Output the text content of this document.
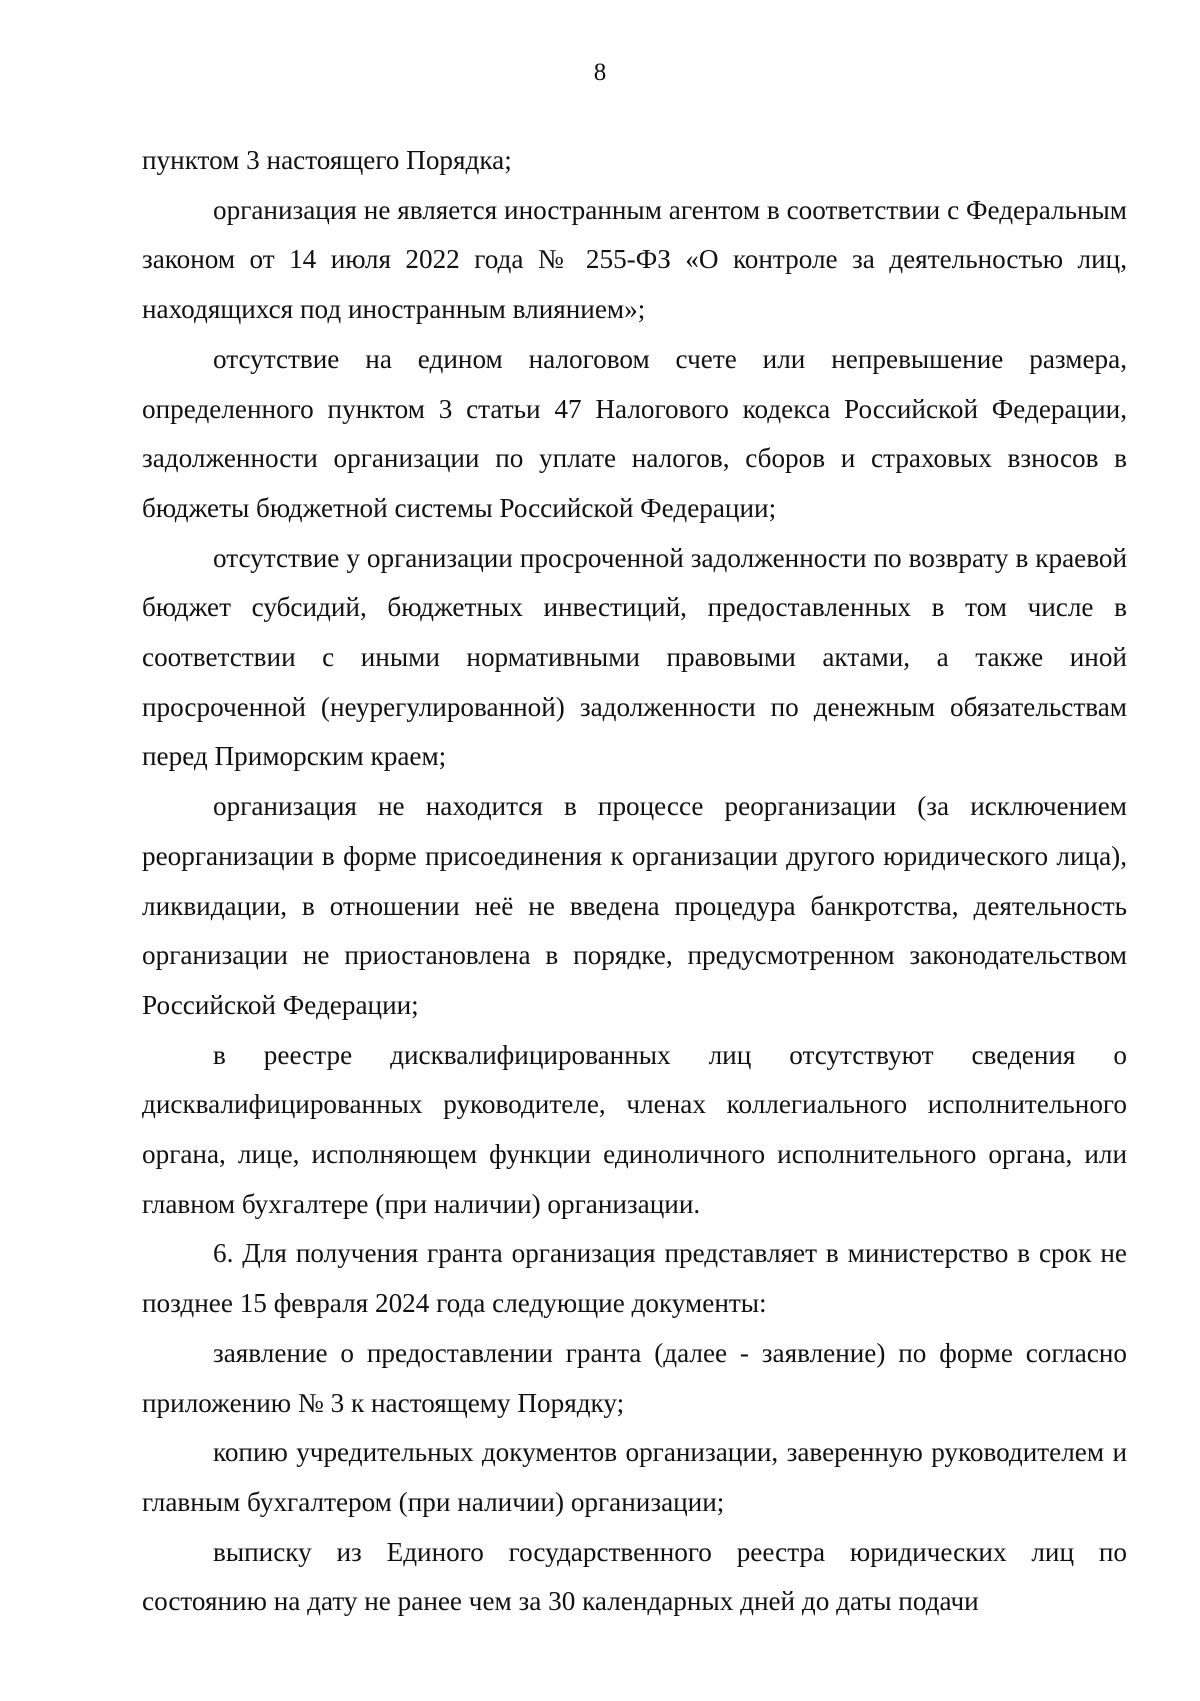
8

пунктом 3 настоящего Порядка;

организация не является иностранным агентом в соответствии с Федеральным законом от 14 июля 2022 года № 255-ФЗ «О контроле за деятельностью лиц, находящихся под иностранным влиянием»;

отсутствие на едином налоговом счете или непревышение размера, определенного пунктом 3 статьи 47 Налогового кодекса Российской Федерации, задолженности организации по уплате налогов, сборов и страховых взносов в бюджеты бюджетной системы Российской Федерации;

отсутствие у организации просроченной задолженности по возврату в краевой бюджет субсидий, бюджетных инвестиций, предоставленных в том числе в соответствии с иными нормативными правовыми актами, а также иной просроченной (неурегулированной) задолженности по денежным обязательствам перед Приморским краем;

организация не находится в процессе реорганизации (за исключением реорганизации в форме присоединения к организации другого юридического лица), ликвидации, в отношении неё не введена процедура банкротства, деятельность организации не приостановлена в порядке, предусмотренном законодательством Российской Федерации;

в реестре дисквалифицированных лиц отсутствуют сведения о дисквалифицированных руководителе, членах коллегиального исполнительного органа, лице, исполняющем функции единоличного исполнительного органа, или главном бухгалтере (при наличии) организации.

6. Для получения гранта организация представляет в министерство в срок не позднее 15 февраля 2024 года следующие документы:

заявление о предоставлении гранта (далее - заявление) по форме согласно приложению № 3 к настоящему Порядку;

копию учредительных документов организации, заверенную руководителем и главным бухгалтером (при наличии) организации;

выписку из Единого государственного реестра юридических лиц по состоянию на дату не ранее чем за 30 календарных дней до даты подачи
